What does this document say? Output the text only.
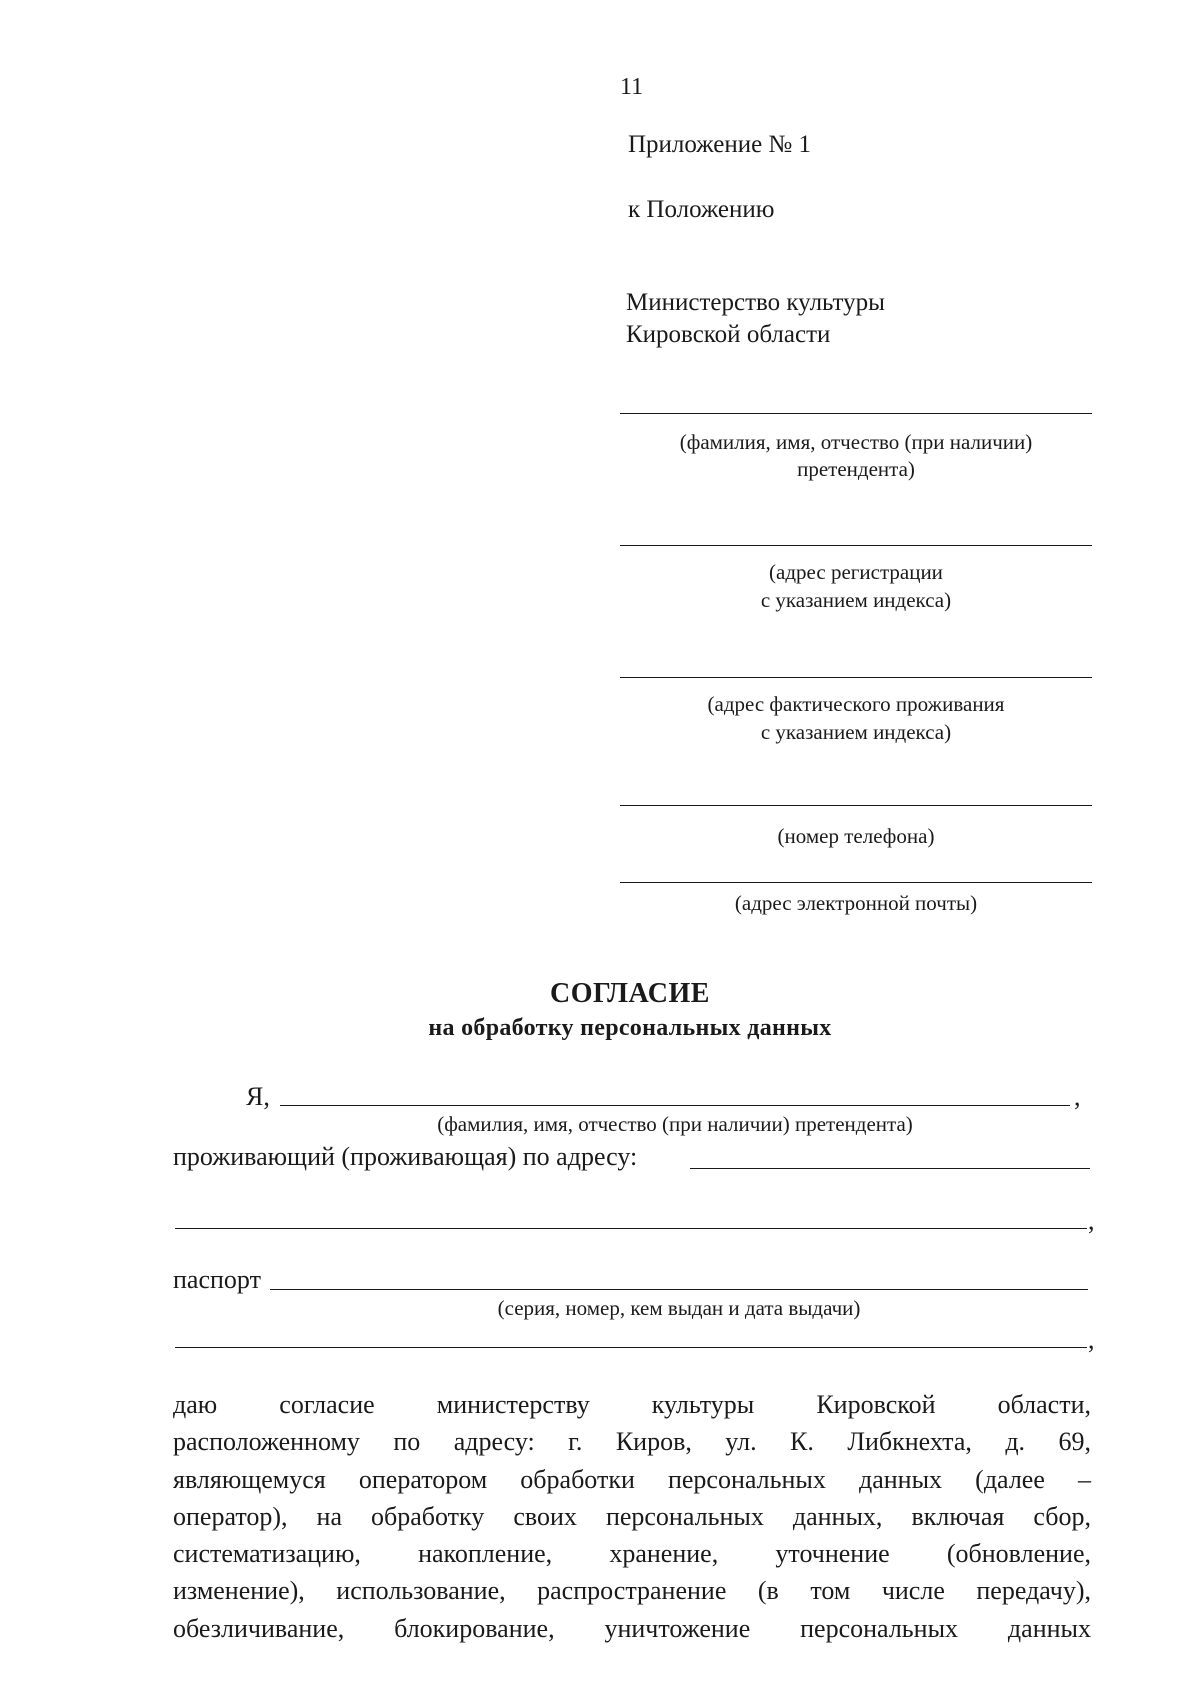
11
Приложение № 1
к Положению
Министерство культуры
Кировской области
(фамилия, имя, отчество (при наличии)
претендента)
(адрес регистрации
с указанием индекса)
(адрес фактического проживания
с указанием индекса)
(номер телефона)
(адрес электронной почты)
СОГЛАСИЕ
на обработку персональных данных
Я,	,
(фамилия, имя, отчество (при наличии) претендента)
проживающий (проживающая) по адресу:
,
паспорт
(серия, номер, кем выдан и дата выдачи)
,
даю согласие министерству культуры Кировской области,
расположенному по адресу: г. Киров, ул. К. Либкнехта, д. 69,
являющемуся оператором обработки персональных данных (далее –
оператор), на обработку своих персональных данных, включая сбор,
систематизацию, накопление, хранение, уточнение (обновление,
изменение), использование, распространение (в том числе передачу),
обезличивание, блокирование, уничтожение персональных данных
